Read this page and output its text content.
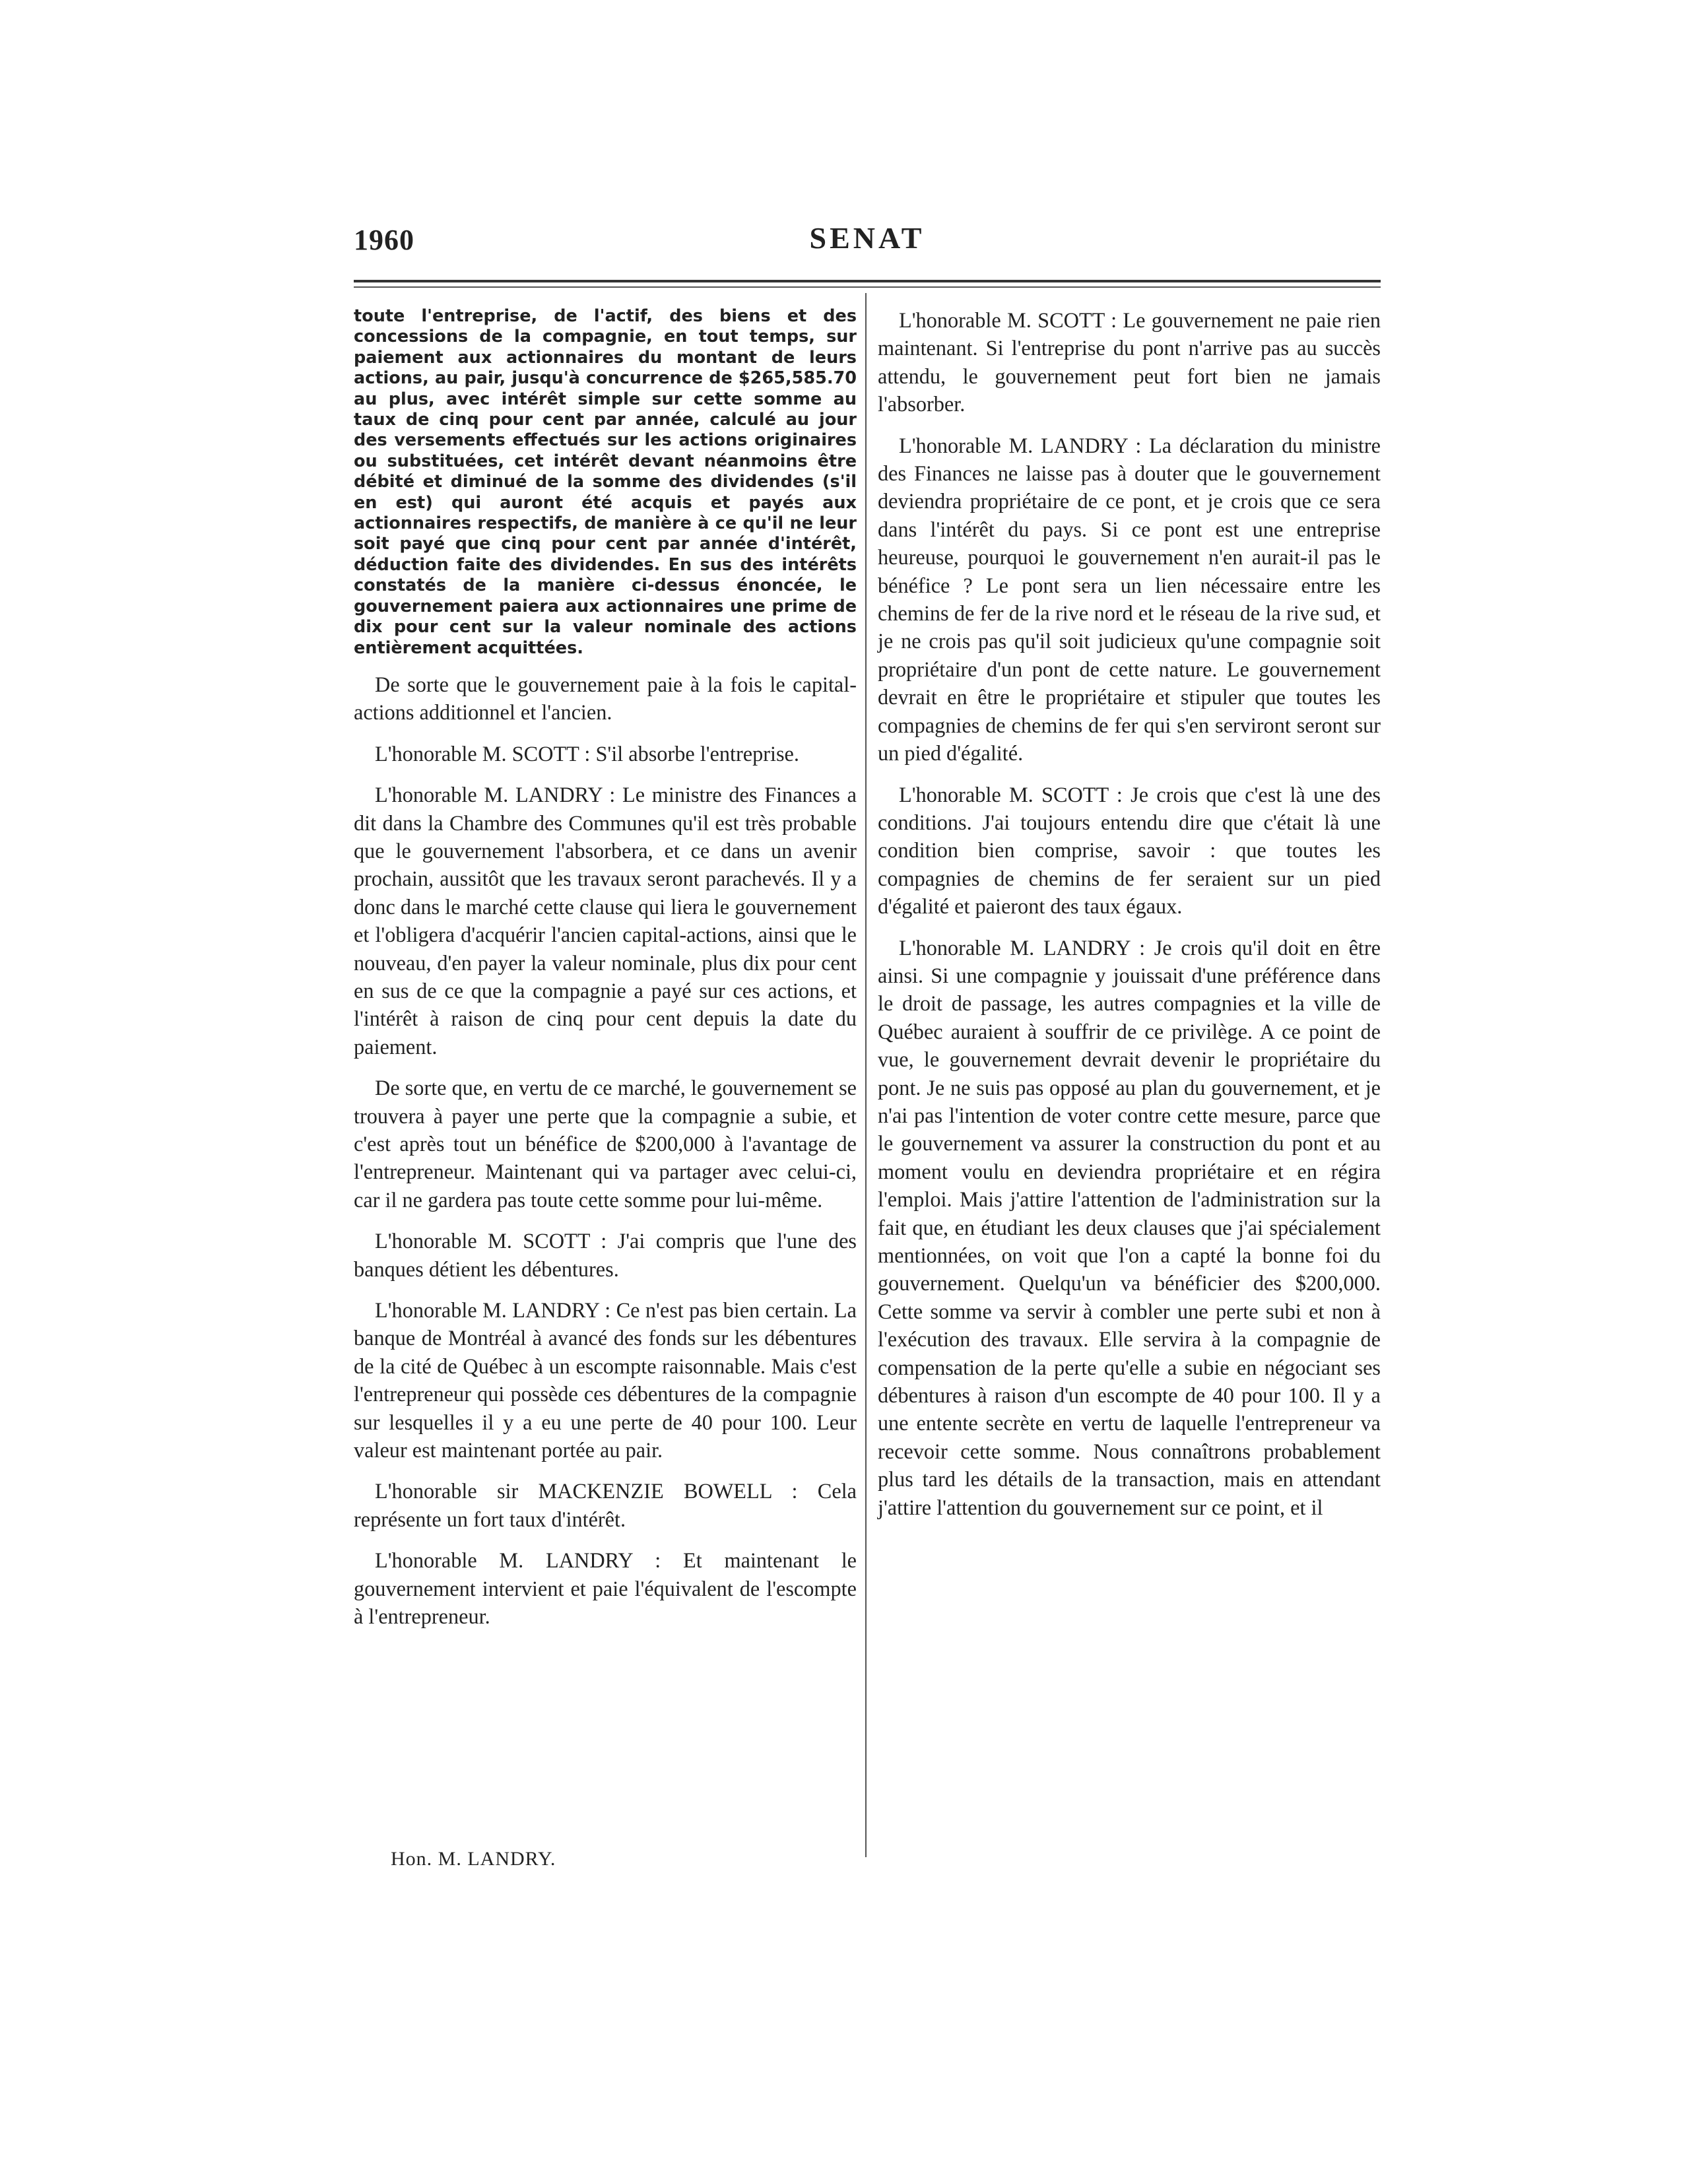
1960	SENAT

toute l'entreprise, de l'actif, des biens et des concessions de la compagnie, en tout temps, sur paiement aux actionnaires du montant de leurs actions, au pair, jusqu'à concurrence de $265,585.70 au plus, avec intérêt simple sur cette somme au taux de cinq pour cent par année, calculé au jour des versements effectués sur les actions originaires ou substituées, cet intérêt devant néanmoins être débité et diminué de la somme des dividendes (s'il en est) qui auront été acquis et payés aux actionnaires respectifs, de manière à ce qu'il ne leur soit payé que cinq pour cent par année d'intérêt, déduction faite des dividendes. En sus des intérêts constatés de la manière ci-dessus énoncée, le gouvernement paiera aux actionnaires une prime de dix pour cent sur la valeur nominale des actions entièrement acquittées.

De sorte que le gouvernement paie à la fois le capital-actions additionnel et l'ancien.

L'honorable M. SCOTT : S'il absorbe l'entreprise.

L'honorable M. LANDRY : Le ministre des Finances a dit dans la Chambre des Communes qu'il est très probable que le gouvernement l'absorbera, et ce dans un avenir prochain, aussitôt que les travaux seront parachevés. Il y a donc dans le marché cette clause qui liera le gouvernement et l'obligera d'acquérir l'ancien capital-actions, ainsi que le nouveau, d'en payer la valeur nominale, plus dix pour cent en sus de ce que la compagnie a payé sur ces actions, et l'intérêt à raison de cinq pour cent depuis la date du paiement.

De sorte que, en vertu de ce marché, le gouvernement se trouvera à payer une perte que la compagnie a subie, et c'est après tout un bénéfice de $200,000 à l'avantage de l'entrepreneur. Maintenant qui va partager avec celui-ci, car il ne gardera pas toute cette somme pour lui-même.

L'honorable M. SCOTT : J'ai compris que l'une des banques détient les débentures.

L'honorable M. LANDRY : Ce n'est pas bien certain. La banque de Montréal à avancé des fonds sur les débentures de la cité de Québec à un escompte raisonnable. Mais c'est l'entrepreneur qui possède ces débentures de la compagnie sur lesquelles il y a eu une perte de 40 pour 100. Leur valeur est maintenant portée au pair.

L'honorable sir MACKENZIE BOWELL : Cela représente un fort taux d'intérêt.

L'honorable M. LANDRY : Et maintenant le gouvernement intervient et paie l'équivalent de l'escompte à l'entrepreneur.

Hon. M. LANDRY.

L'honorable M. SCOTT : Le gouvernement ne paie rien maintenant. Si l'entreprise du pont n'arrive pas au succès attendu, le gouvernement peut fort bien ne jamais l'absorber.

L'honorable M. LANDRY : La déclaration du ministre des Finances ne laisse pas à douter que le gouvernement deviendra propriétaire de ce pont, et je crois que ce sera dans l'intérêt du pays. Si ce pont est une entreprise heureuse, pourquoi le gouvernement n'en aurait-il pas le bénéfice ? Le pont sera un lien nécessaire entre les chemins de fer de la rive nord et le réseau de la rive sud, et je ne crois pas qu'il soit judicieux qu'une compagnie soit propriétaire d'un pont de cette nature. Le gouvernement devrait en être le propriétaire et stipuler que toutes les compagnies de chemins de fer qui s'en serviront seront sur un pied d'égalité.

L'honorable M. SCOTT : Je crois que c'est là une des conditions. J'ai toujours entendu dire que c'était là une condition bien comprise, savoir : que toutes les compagnies de chemins de fer seraient sur un pied d'égalité et paieront des taux égaux.

L'honorable M. LANDRY : Je crois qu'il doit en être ainsi. Si une compagnie y jouissait d'une préférence dans le droit de passage, les autres compagnies et la ville de Québec auraient à souffrir de ce privilège. A ce point de vue, le gouvernement devrait devenir le propriétaire du pont. Je ne suis pas opposé au plan du gouvernement, et je n'ai pas l'intention de voter contre cette mesure, parce que le gouvernement va assurer la construction du pont et au moment voulu en deviendra propriétaire et en régira l'emploi. Mais j'attire l'attention de l'administration sur la fait que, en étudiant les deux clauses que j'ai spécialement mentionnées, on voit que l'on a capté la bonne foi du gouvernement. Quelqu'un va bénéficier des $200,000. Cette somme va servir à combler une perte subi et non à l'exécution des travaux. Elle servira à la compagnie de compensation de la perte qu'elle a subie en négociant ses débentures à raison d'un escompte de 40 pour 100. Il y a une entente secrète en vertu de laquelle l'entrepreneur va recevoir cette somme. Nous connaîtrons probablement plus tard les détails de la transaction, mais en attendant j'attire l'attention du gouvernement sur ce point, et il
